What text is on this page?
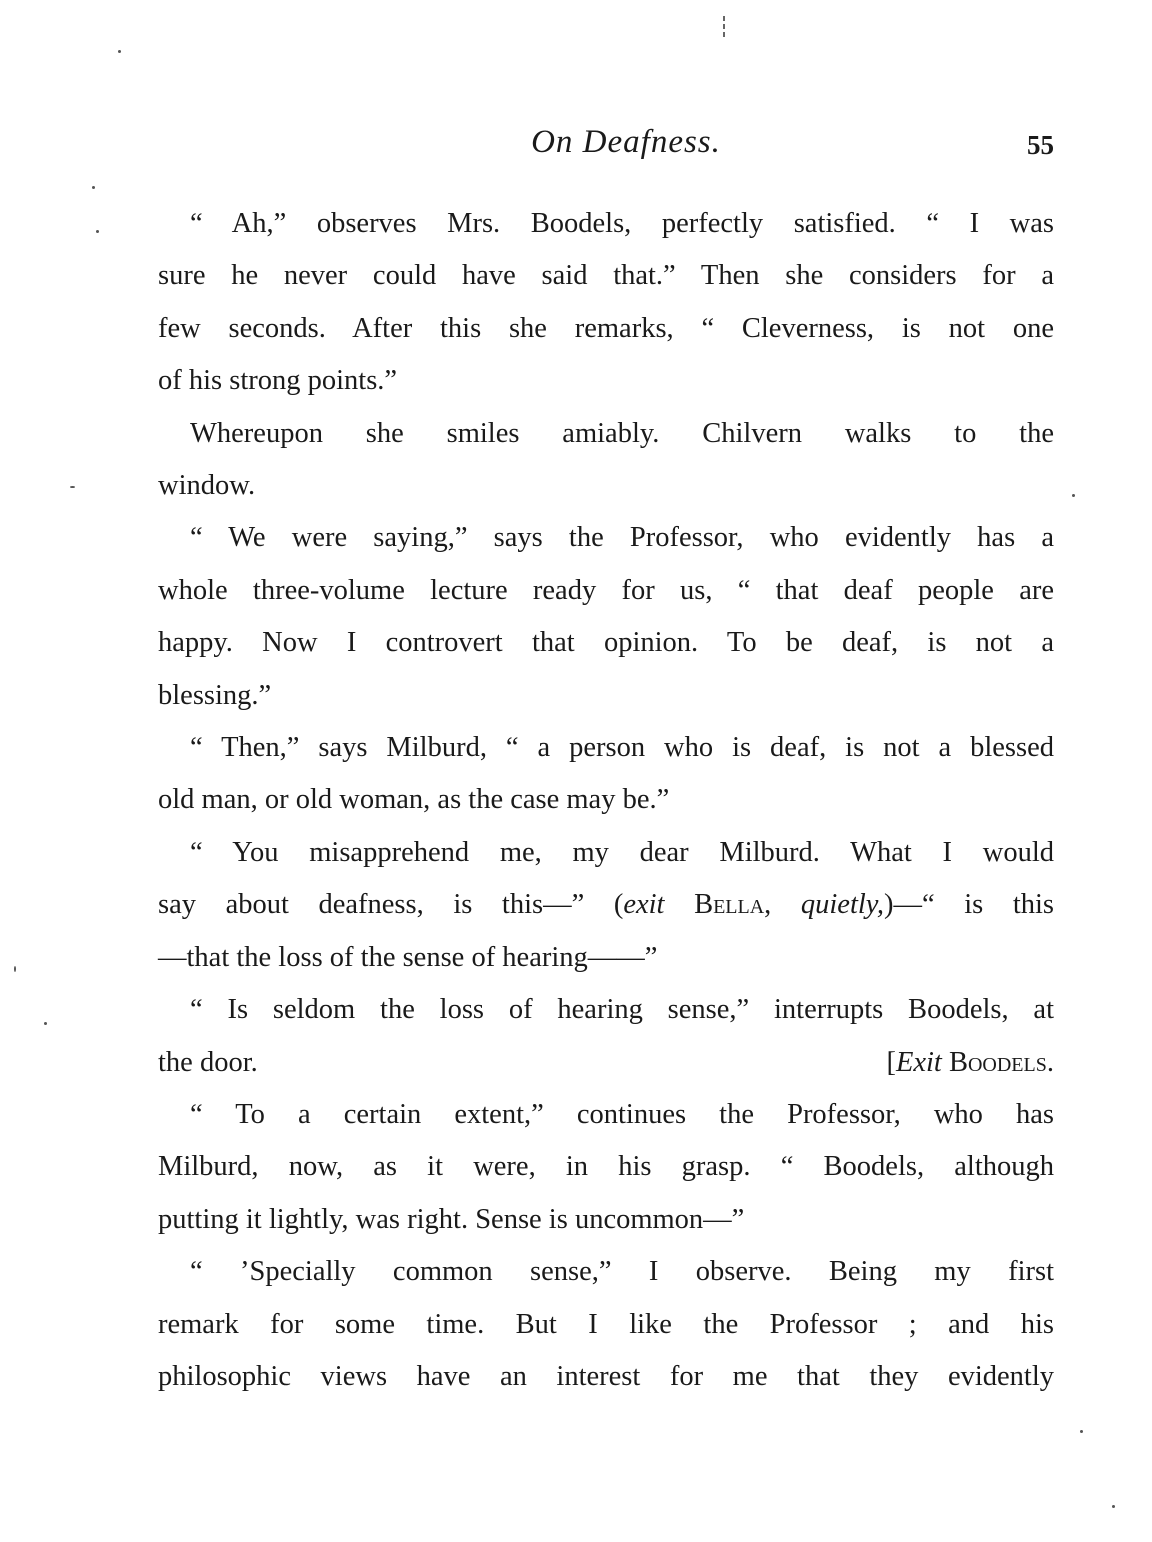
On Deafness.	55
“ Ah,” observes Mrs. Boodels, perfectly satisfied. “ I was
sure he never could have said that.” Then she considers for a
few seconds. After this she remarks, “ Cleverness, is not one
of his strong points.”
Whereupon she smiles amiably. Chilvern walks to the
window.
“ We were saying,” says the Professor, who evidently has a
whole three-volume lecture ready for us, “ that deaf people are
happy. Now I controvert that opinion. To be deaf, is not a
blessing.”
“ Then,” says Milburd, “ a person who is deaf, is not a blessed
old man, or old woman, as the case may be.”
“ You misapprehend me, my dear Milburd. What I would
say about deafness, is this—” (exit Bella, quietly,)—“ is this
—that the loss of the sense of hearing——”
“ Is seldom the loss of hearing sense,” interrupts Boodels, at
the door.	[Exit Boodels.
“ To a certain extent,” continues the Professor, who has
Milburd, now, as it were, in his grasp. “ Boodels, although
putting it lightly, was right. Sense is uncommon—”
“ ’Specially common sense,” I observe. Being my first
remark for some time. But I like the Professor ; and his
philosophic views have an interest for me that they evidently
